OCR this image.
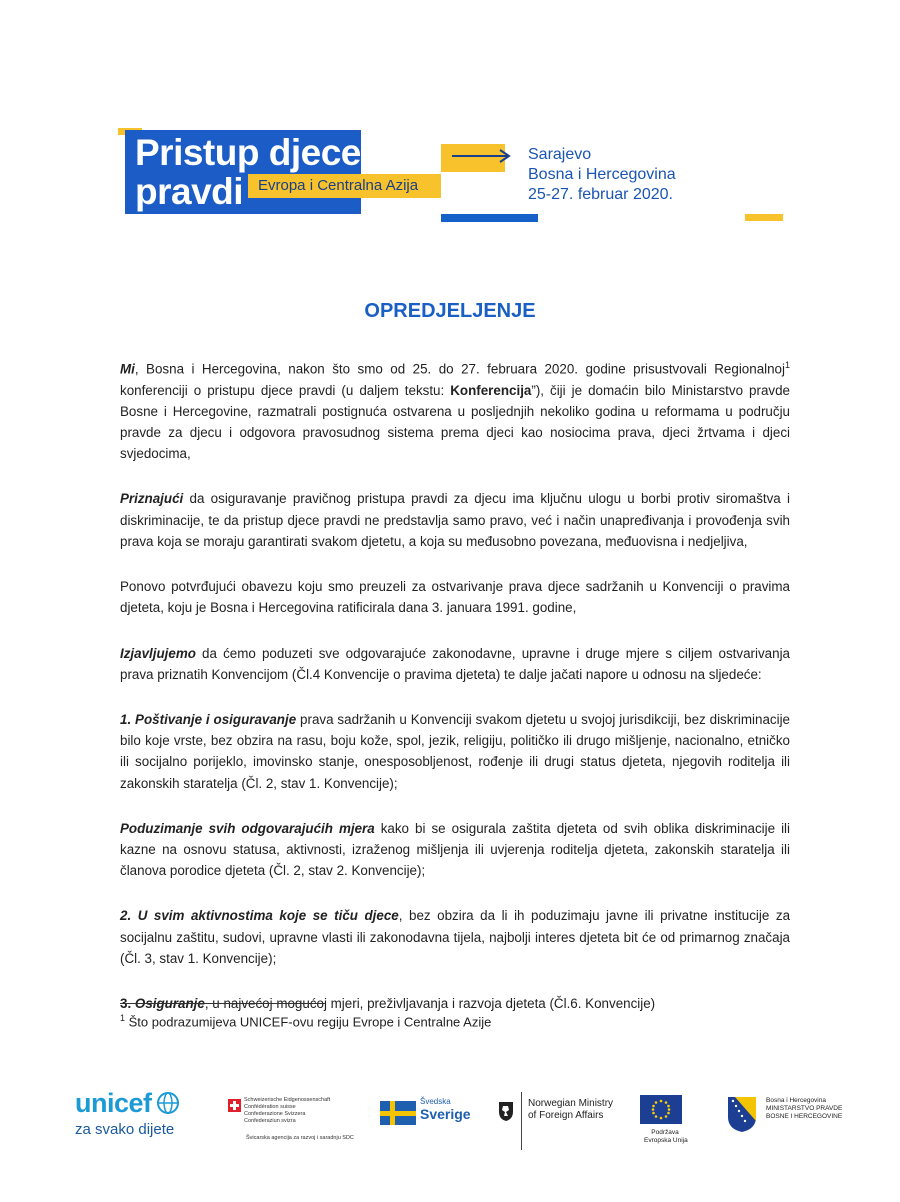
Pristup djece
pravdi Evropa i Centralna Azija
Sarajevo
Bosna i Hercegovina
25-27. februar 2020.
OPREDJELJENJE

Mi, Bosna i Hercegovina, nakon što smo od 25. do 27. februara 2020. godine prisustvovali Regionalnoj$^1$ konferenciji o pristupu djece pravdi (u daljem tekstu: Konferencija”), čiji je domaćin bilo Ministarstvo pravde Bosne i Hercegovine, razmatrali postignuća ostvarena u posljednjih nekoliko godina u reformama u području pravde za djecu i odgovora pravosudnog sistema prema djeci kao nosiocima prava, djeci žrtvama i djeci svjedocima,

Priznajući da osiguravanje pravičnog pristupa pravdi za djecu ima ključnu ulogu u borbi protiv siromaštva i diskriminacije, te da pristup djece pravdi ne predstavlja samo pravo, već i način unapređivanja i provođenja svih prava koja se moraju garantirati svakom djetetu, a koja su međusobno povezana, međuovisna i nedjeljiva,

Ponovo potvrđujući obavezu koju smo preuzeli za ostvarivanje prava djece sadržanih u Konvenciji o pravima djeteta, koju je Bosna i Hercegovina ratificirala dana 3. januara 1991. godine,

Izjavljujemo da ćemo poduzeti sve odgovarajuće zakonodavne, upravne i druge mjere s ciljem ostvarivanja prava priznatih Konvencijom (Čl.4 Konvencije o pravima djeteta) te dalje jačati napore u odnosu na sljedeće:

1. Poštivanje i osiguravanje prava sadržanih u Konvenciji svakom djetetu u svojoj jurisdikciji, bez diskriminacije bilo koje vrste, bez obzira na rasu, boju kože, spol, jezik, religiju, političko ili drugo mišljenje, nacionalno, etničko ili socijalno porijeklo, imovinsko stanje, onesposobljenost, rođenje ili drugi status djeteta, njegovih roditelja ili zakonskih staratelja (Čl. 2, stav 1. Konvencije);

Poduzimanje svih odgovarajućih mjera kako bi se osigurala zaštita djeteta od svih oblika diskriminacije ili kazne na osnovu statusa, aktivnosti, izraženog mišljenja ili uvjerenja roditelja djeteta, zakonskih staratelja ili članova porodice djeteta (Čl. 2, stav 2. Konvencije);

2. U svim aktivnostima koje se tiču djece, bez obzira da li ih poduzimaju javne ili privatne institucije za socijalnu zaštitu, sudovi, upravne vlasti ili zakonodavna tijela, najbolji interes djeteta bit će od primarnog značaja (Čl. 3, stav 1. Konvencije);

3. Osiguranje, u najvećoj mogućoj mjeri, preživljavanja i razvoja djeteta (Čl.6. Konvencije)

$^1$ Što podrazumijeva UNICEF-ovu regiju Evrope i Centralne Azije
unicef
za svako dijete
Schweizerische Eidgenossenschaft
Confédération suisse
Confederazione Svizzera
Confederaziun svizra
Švicarska agencija za razvoj i saradnju SDC
Švedska
Sverige
Norwegian Ministry
of Foreign Affairs
Podržava
Evropska Unija
Bosna i Hercegovina
MINISTARSTVO PRAVDE
BOSNE I HERCEGOVINE
